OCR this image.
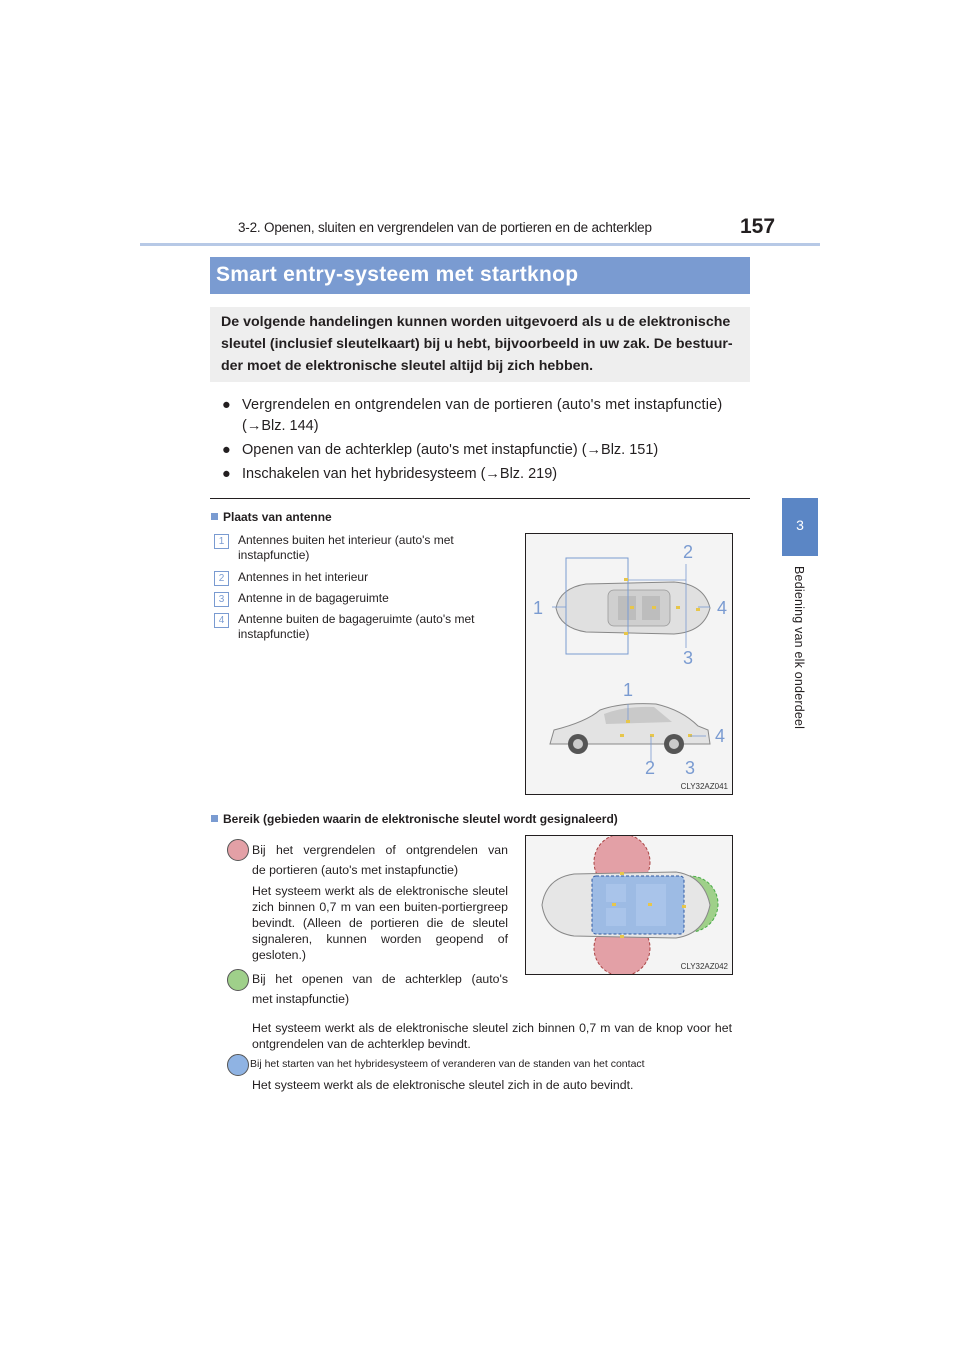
3-2. Openen, sluiten en vergrendelen van de portieren en de achterklep	157
3
Bediening van elk onderdeel
Smart entry-systeem met startknop
De volgende handelingen kunnen worden uitgevoerd als u de elektronische
sleutel (inclusief sleutelkaart) bij u hebt, bijvoorbeeld in uw zak. De bestuur-
der moet de elektronische sleutel altijd bij zich hebben.
● Vergrendelen en ontgrendelen van de portieren (auto's met instapfunctie)
(→Blz. 144)
● Openen van de achterklep (auto's met instapfunctie) (→Blz. 151)
● Inschakelen van het hybridesysteem (→Blz. 219)
Plaats van antenne
1	Antennes buiten het interieur (auto's met instapfunctie)
2	Antennes in het interieur
3	Antenne in de bagageruimte
4	Antenne buiten de bagageruimte (auto's met instapfunctie)
2
1	4
3
1
4
2 3
CLY32AZ041
Bereik (gebieden waarin de elektronische sleutel wordt gesignaleerd)
Bij het vergrendelen of ontgrendelen van
de portieren (auto's met instapfunctie)
Het systeem werkt als de elektronische sleutel zich binnen 0,7 m van een buiten-portiergreep bevindt. (Alleen de portieren die de sleutel signaleren, kunnen worden geopend of gesloten.)
Bij het openen van de achterklep (auto's
met instapfunctie)
Het systeem werkt als de elektronische sleutel zich binnen 0,7 m van de knop voor het ontgrendelen van de achterklep bevindt.
Bij het starten van het hybridesysteem of veranderen van de standen van het contact
Het systeem werkt als de elektronische sleutel zich in de auto bevindt.
CLY32AZ042
